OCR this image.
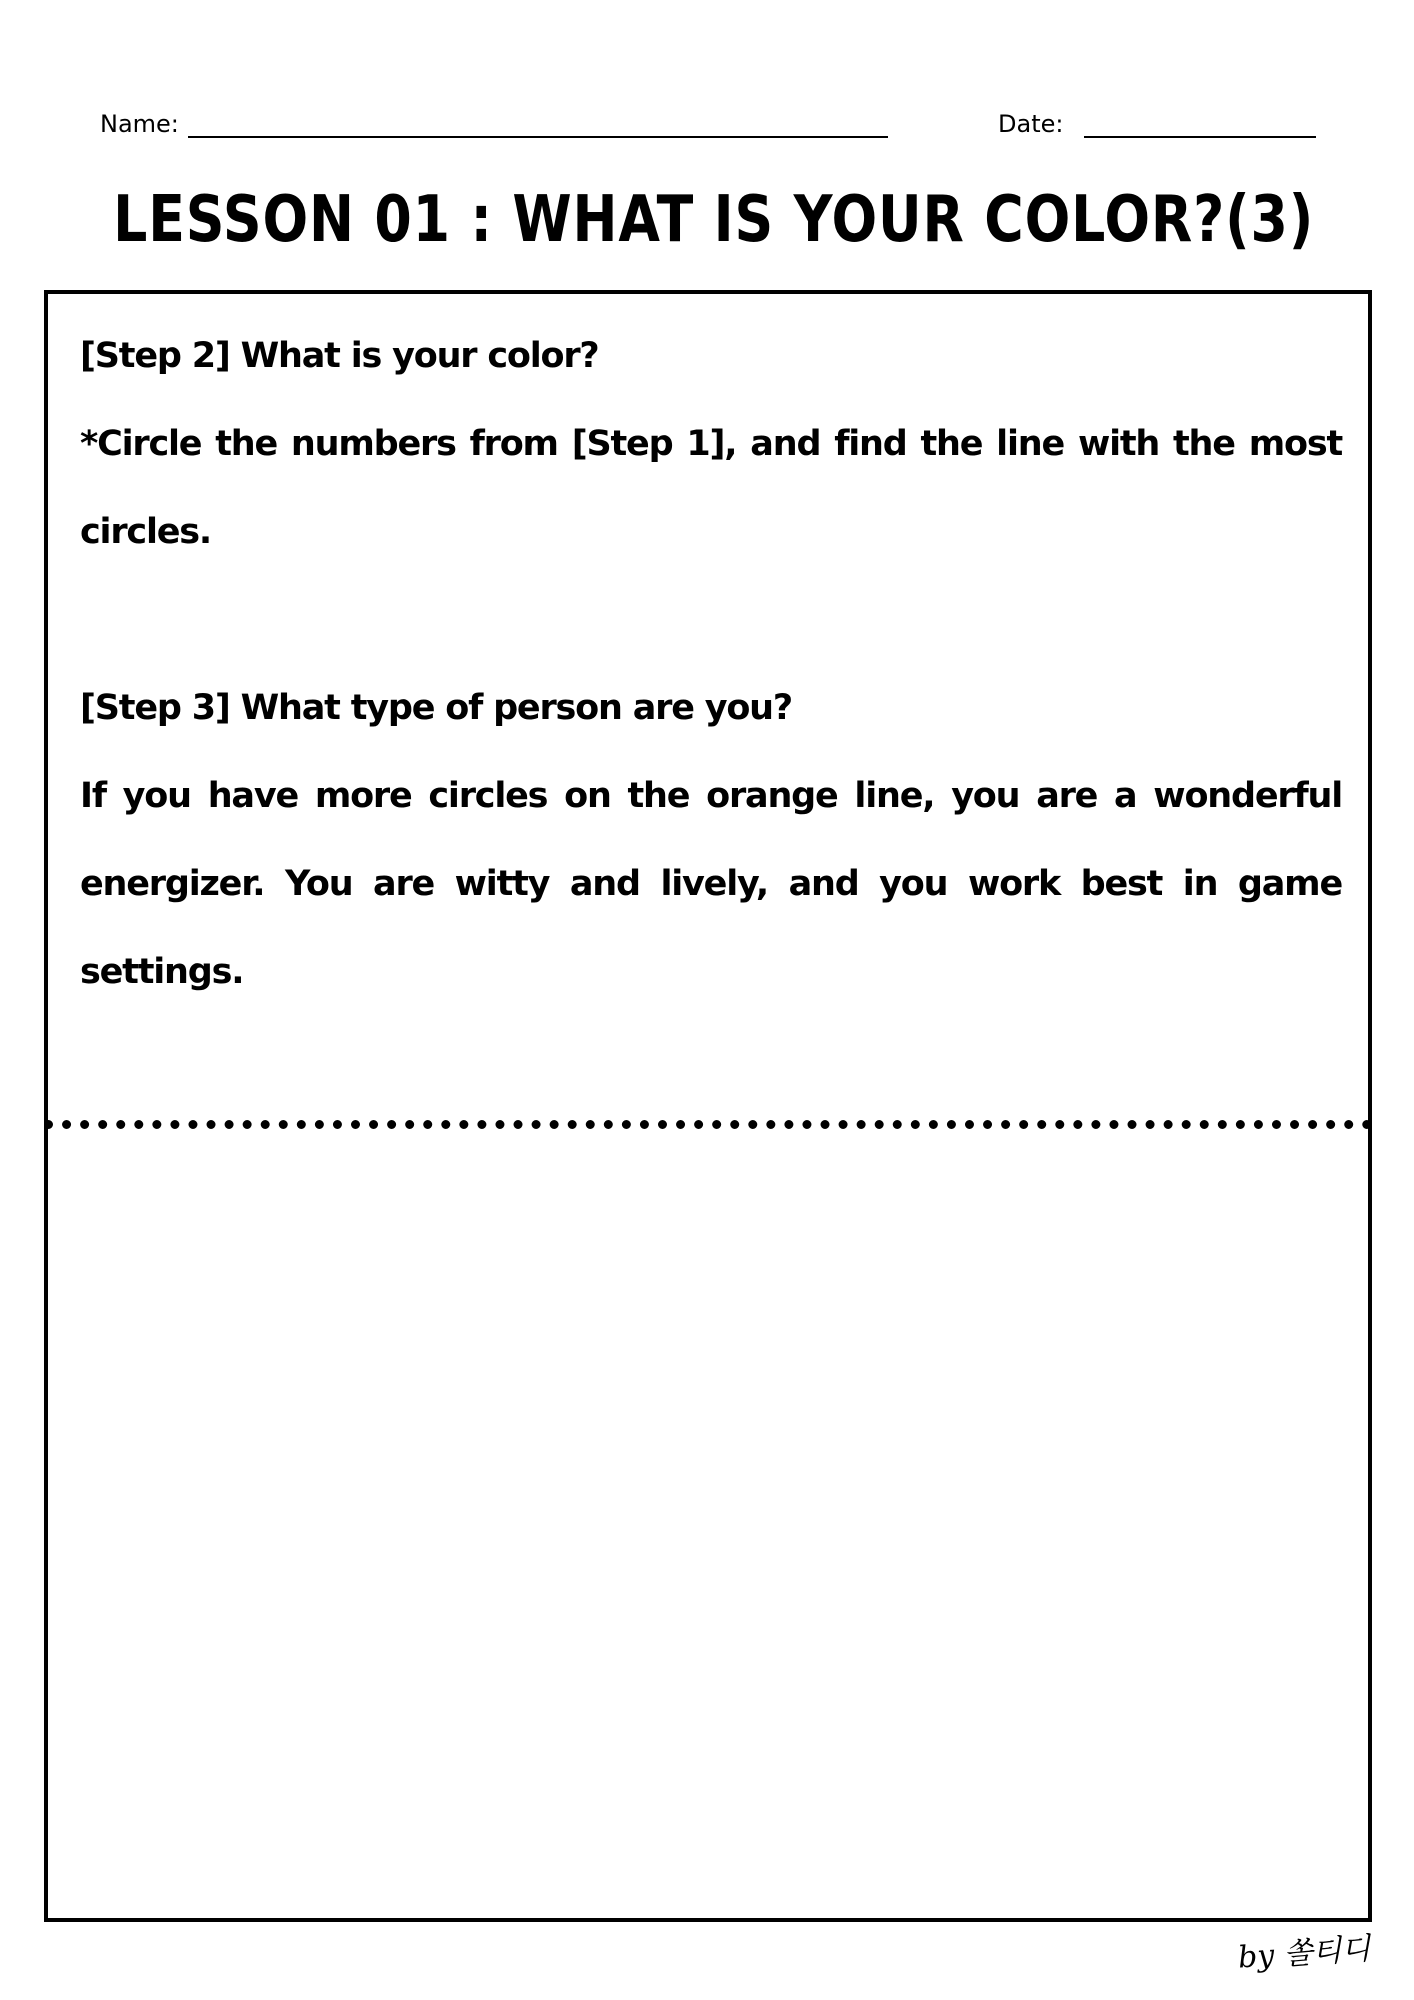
Name:	Date:
LESSON 01 : WHAT IS YOUR COLOR?(3)

[Step 2] What is your color?

*Circle the numbers from [Step 1], and find the line with the most circles.

[Step 3] What type of person are you?

If you have more circles on the orange line, you are a wonderful energizer. You are witty and lively, and you work best in game settings.

by 쏠티디
